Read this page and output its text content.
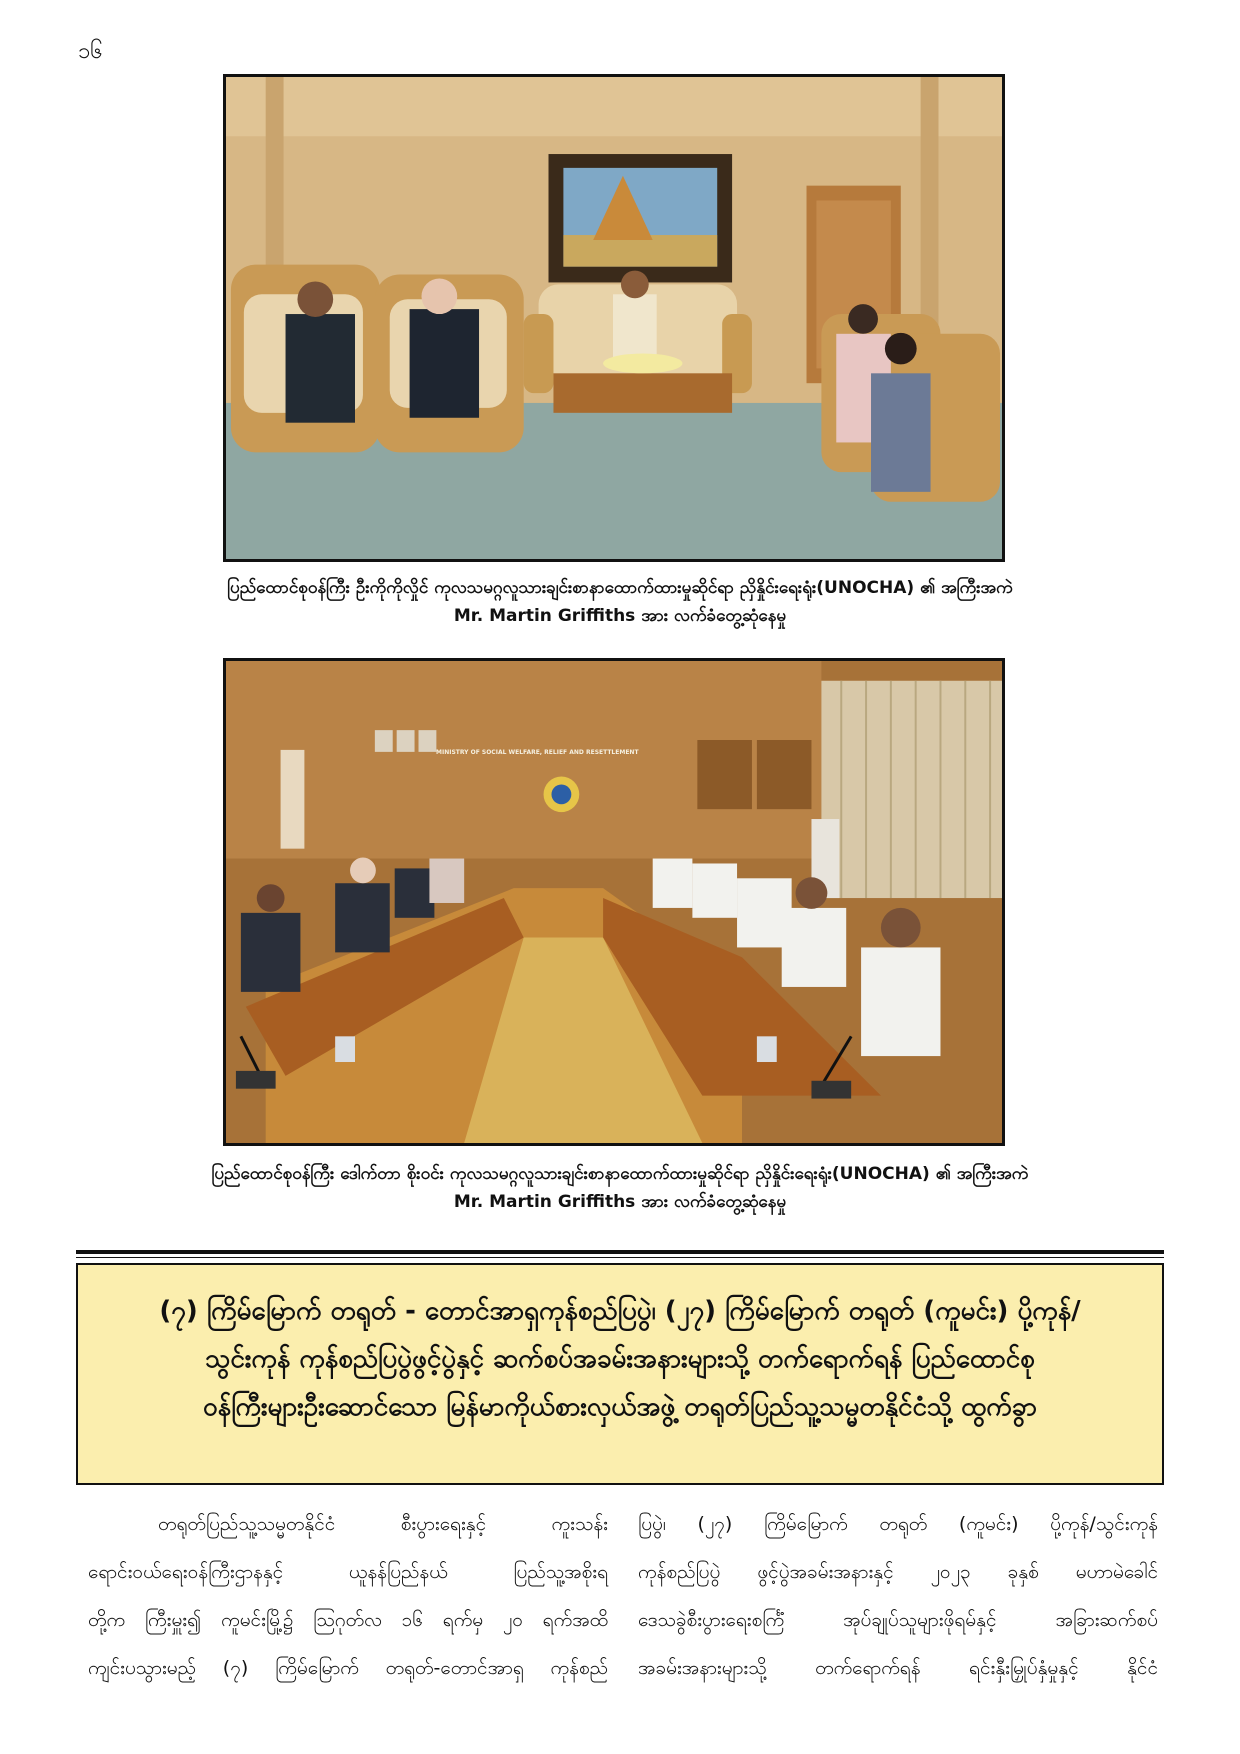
၁၆
ပြည်ထောင်စုဝန်ကြီး ဦးကိုကိုလှိုင် ကုလသမဂ္ဂလူသားချင်းစာနာထောက်ထားမှုဆိုင်ရာ ညှိနှိုင်းရေးရုံး(UNOCHA) ၏ အကြီးအကဲ
Mr. Martin Griffiths အား လက်ခံတွေ့ဆုံနေမှု
MINISTRY OF SOCIAL WELFARE, RELIEF AND RESETTLEMENT
ပြည်ထောင်စုဝန်ကြီး ဒေါက်တာ စိုးဝင်း ကုလသမဂ္ဂလူသားချင်းစာနာထောက်ထားမှုဆိုင်ရာ ညှိနှိုင်းရေးရုံး(UNOCHA) ၏ အကြီးအကဲ
Mr. Martin Griffiths အား လက်ခံတွေ့ဆုံနေမှု
(၇) ကြိမ်မြောက် တရုတ် - တောင်အာရှကုန်စည်ပြပွဲ၊ (၂၇) ကြိမ်မြောက် တရုတ် (ကူမင်း) ပို့ကုန်/
သွင်းကုန် ကုန်စည်ပြပွဲဖွင့်ပွဲနှင့် ဆက်စပ်အခမ်းအနားများသို့ တက်ရောက်ရန် ပြည်ထောင်စု
ဝန်ကြီးများဦးဆောင်သော မြန်မာကိုယ်စားလှယ်အဖွဲ့ တရုတ်ပြည်သူ့သမ္မတနိုင်ငံသို့ ထွက်ခွာ
တရုတ်ပြည်သူ့သမ္မတနိုင်ငံ စီးပွားရေးနှင့် ကူးသန်း
ရောင်းဝယ်ရေးဝန်ကြီးဌာနနှင့် ယူနန်ပြည်နယ် ပြည်သူ့အစိုးရ
တို့က ကြီးမှူး၍ ကူမင်းမြို့၌ ဩဂုတ်လ ၁၆ ရက်မှ ၂၀ ရက်အထိ
ကျင်းပသွားမည့် (၇) ကြိမ်မြောက် တရုတ်-တောင်အာရှ ကုန်စည်
ပြပွဲ၊ (၂၇) ကြိမ်မြောက် တရုတ် (ကူမင်း) ပို့ကုန်/သွင်းကုန်
ကုန်စည်ပြပွဲ ဖွင့်ပွဲအခမ်းအနားနှင့် ၂၀၂၃ ခုနှစ် မဟာမဲခေါင်
ဒေသခွဲစီးပွားရေးစင်္ကြံ အုပ်ချုပ်သူများဖိုရမ်နှင့် အခြားဆက်စပ်
အခမ်းအနားများသို့ တက်ရောက်ရန် ရင်းနှီးမြှုပ်နှံမှုနှင့် နိုင်ငံ
